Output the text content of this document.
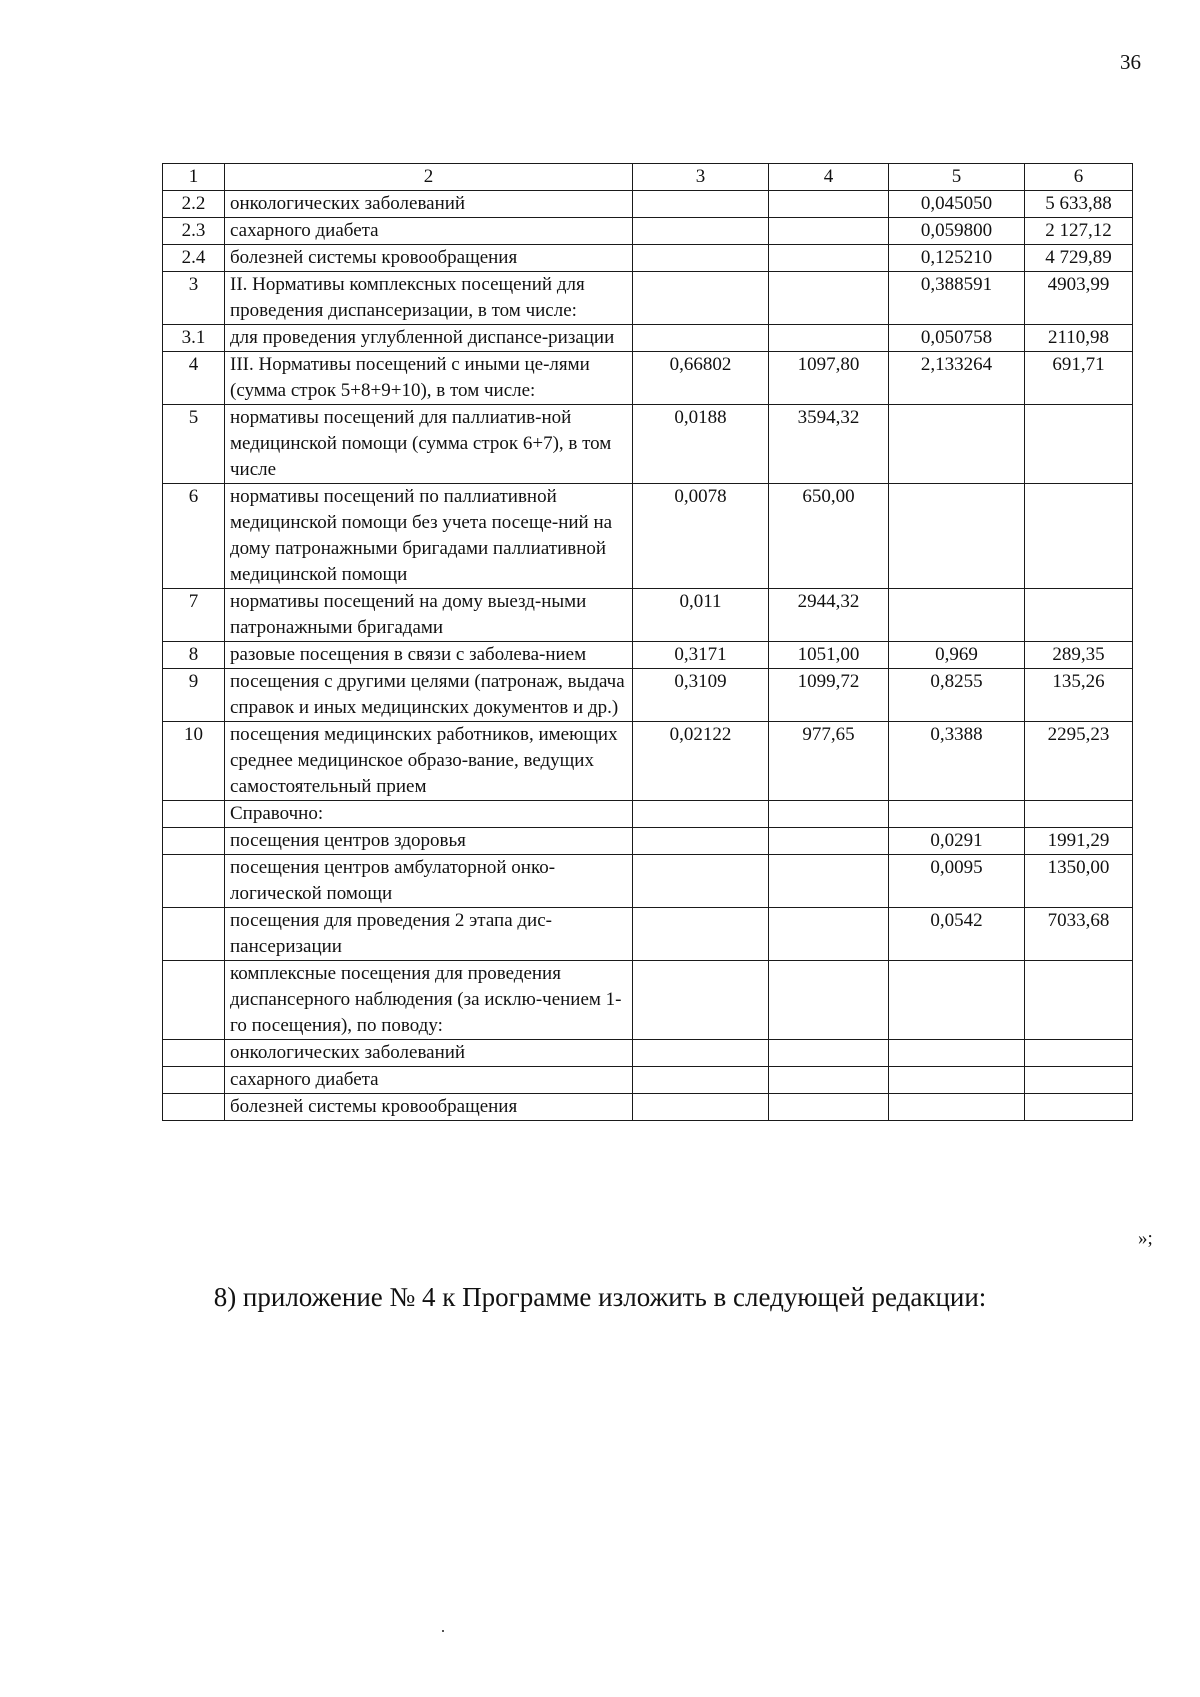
36
1	2	3	4	5	6
2.2	онкологических заболеваний			0,045050	5 633,88
2.3	сахарного диабета			0,059800	2 127,12
2.4	болезней системы кровообращения			0,125210	4 729,89
3	II. Нормативы комплексных посещений для проведения диспансеризации, в том числе:			0,388591	4903,99
3.1	для проведения углубленной диспансе-ризации			0,050758	2110,98
4	III. Нормативы посещений с иными це-лями (сумма строк 5+8+9+10), в том числе:	0,66802	1097,80	2,133264	691,71
5	нормативы посещений для паллиатив-ной медицинской помощи (сумма строк 6+7), в том числе	0,0188	3594,32		
6	нормативы посещений по паллиативной медицинской помощи без учета посеще-ний на дому патронажными бригадами паллиативной медицинской помощи	0,0078	650,00		
7	нормативы посещений на дому выезд-ными патронажными бригадами	0,011	2944,32		
8	разовые посещения в связи с заболева-нием	0,3171	1051,00	0,969	289,35
9	посещения с другими целями (патронаж, выдача справок и иных медицинских документов и др.)	0,3109	1099,72	0,8255	135,26
10	посещения медицинских работников, имеющих среднее медицинское образо-вание, ведущих самостоятельный прием	0,02122	977,65	0,3388	2295,23
	Справочно:				
	посещения центров здоровья			0,0291	1991,29
	посещения центров амбулаторной онко-логической помощи			0,0095	1350,00
	посещения для проведения 2 этапа дис-пансеризации			0,0542	7033,68
	комплексные посещения для проведения диспансерного наблюдения (за исклю-чением 1-го посещения), по поводу:				
	онкологических заболеваний				
	сахарного диабета				
	болезней системы кровообращения				
»;
8) приложение № 4 к Программе изложить в следующей редакции:
